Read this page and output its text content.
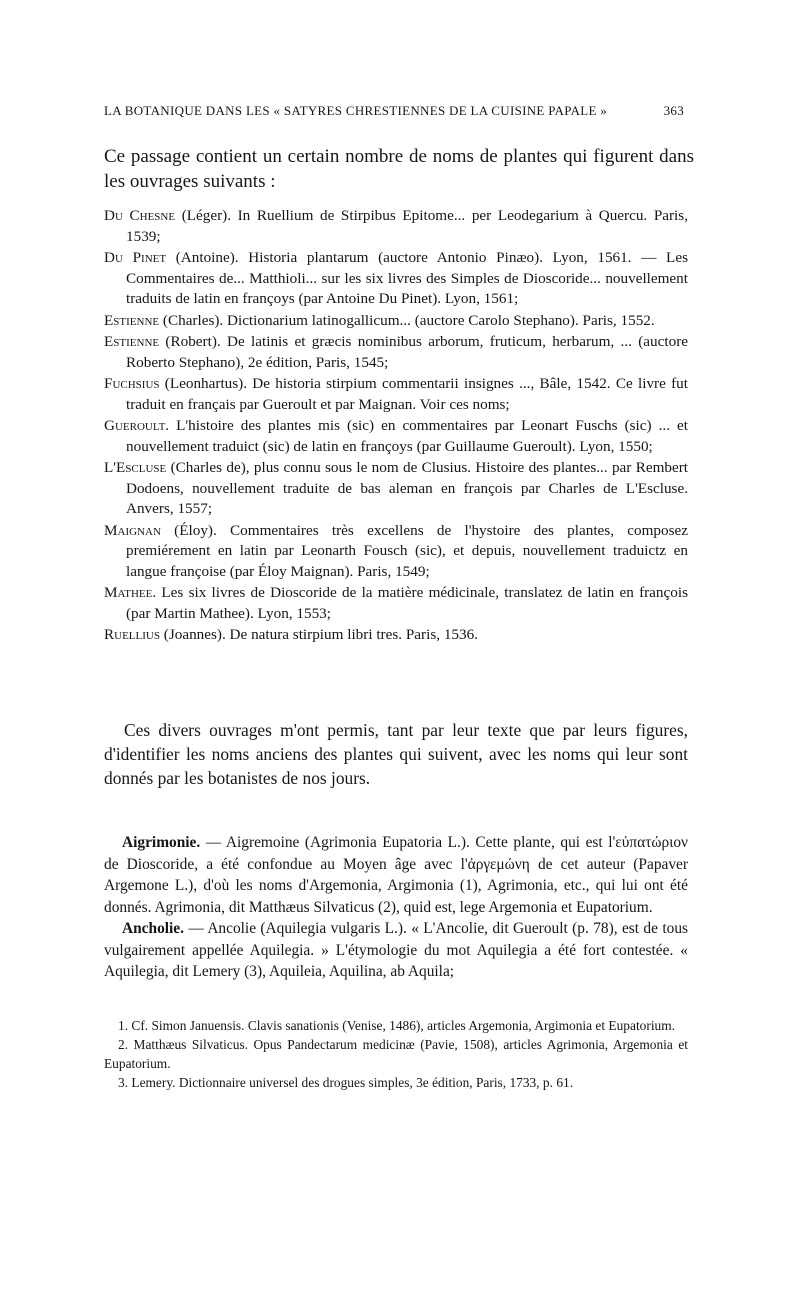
LA BOTANIQUE DANS LES « SATYRES CHRESTIENNES DE LA CUISINE PAPALE »	363

Ce passage contient un certain nombre de noms de plantes qui figurent dans les ouvrages suivants :

Du Chesne (Léger). In Ruellium de Stirpibus Epitome... per Leodegarium à Quercu. Paris, 1539;

Du Pinet (Antoine). Historia plantarum (auctore Antonio Pinæo). Lyon, 1561. — Les Commentaires de... Matthioli... sur les six livres des Simples de Dioscoride... nouvellement traduits de latin en françoys (par Antoine Du Pinet). Lyon, 1561;

Estienne (Charles). Dictionarium latinogallicum... (auctore Carolo Stephano). Paris, 1552.

Estienne (Robert). De latinis et græcis nominibus arborum, fruticum, herbarum, ... (auctore Roberto Stephano), 2e édition, Paris, 1545;

Fuchsius (Leonhartus). De historia stirpium commentarii insignes ..., Bâle, 1542. Ce livre fut traduit en français par Gueroult et par Maignan. Voir ces noms;

Gueroult. L'histoire des plantes mis (sic) en commentaires par Leonart Fuschs (sic) ... et nouvellement traduict (sic) de latin en françoys (par Guillaume Gueroult). Lyon, 1550;

L'Escluse (Charles de), plus connu sous le nom de Clusius. Histoire des plantes... par Rembert Dodoens, nouvellement traduite de bas aleman en françois par Charles de L'Escluse. Anvers, 1557;

Maignan (Éloy). Commentaires très excellens de l'hystoire des plantes, composez premiérement en latin par Leonarth Fousch (sic), et depuis, nouvellement traduictz en langue françoise (par Éloy Maignan). Paris, 1549;

Mathee. Les six livres de Dioscoride de la matière médicinale, translatez de latin en françois (par Martin Mathee). Lyon, 1553;

Ruellius (Joannes). De natura stirpium libri tres. Paris, 1536.

Ces divers ouvrages m'ont permis, tant par leur texte que par leurs figures, d'identifier les noms anciens des plantes qui suivent, avec les noms qui leur sont donnés par les botanistes de nos jours.

Aigrimonie. — Aigremoine (Agrimonia Eupatoria L.). Cette plante, qui est l'εὐπατώριον de Dioscoride, a été confondue au Moyen âge avec l'ἀργεμώνη de cet auteur (Papaver Argemone L.), d'où les noms d'Argemonia, Argimonia (1), Agrimonia, etc., qui lui ont été donnés. Agrimonia, dit Matthæus Silvaticus (2), quid est, lege Argemonia et Eupatorium.

Ancholie. — Ancolie (Aquilegia vulgaris L.). « L'Ancolie, dit Gueroult (p. 78), est de tous vulgairement appellée Aquilegia. » L'étymologie du mot Aquilegia a été fort contestée. « Aquilegia, dit Lemery (3), Aquileia, Aquilina, ab Aquila;

1. Cf. Simon Januensis. Clavis sanationis (Venise, 1486), articles Argemonia, Argimonia et Eupatorium.

2. Matthæus Silvaticus. Opus Pandectarum medicinæ (Pavie, 1508), articles Agrimonia, Argemonia et Eupatorium.

3. Lemery. Dictionnaire universel des drogues simples, 3e édition, Paris, 1733, p. 61.
